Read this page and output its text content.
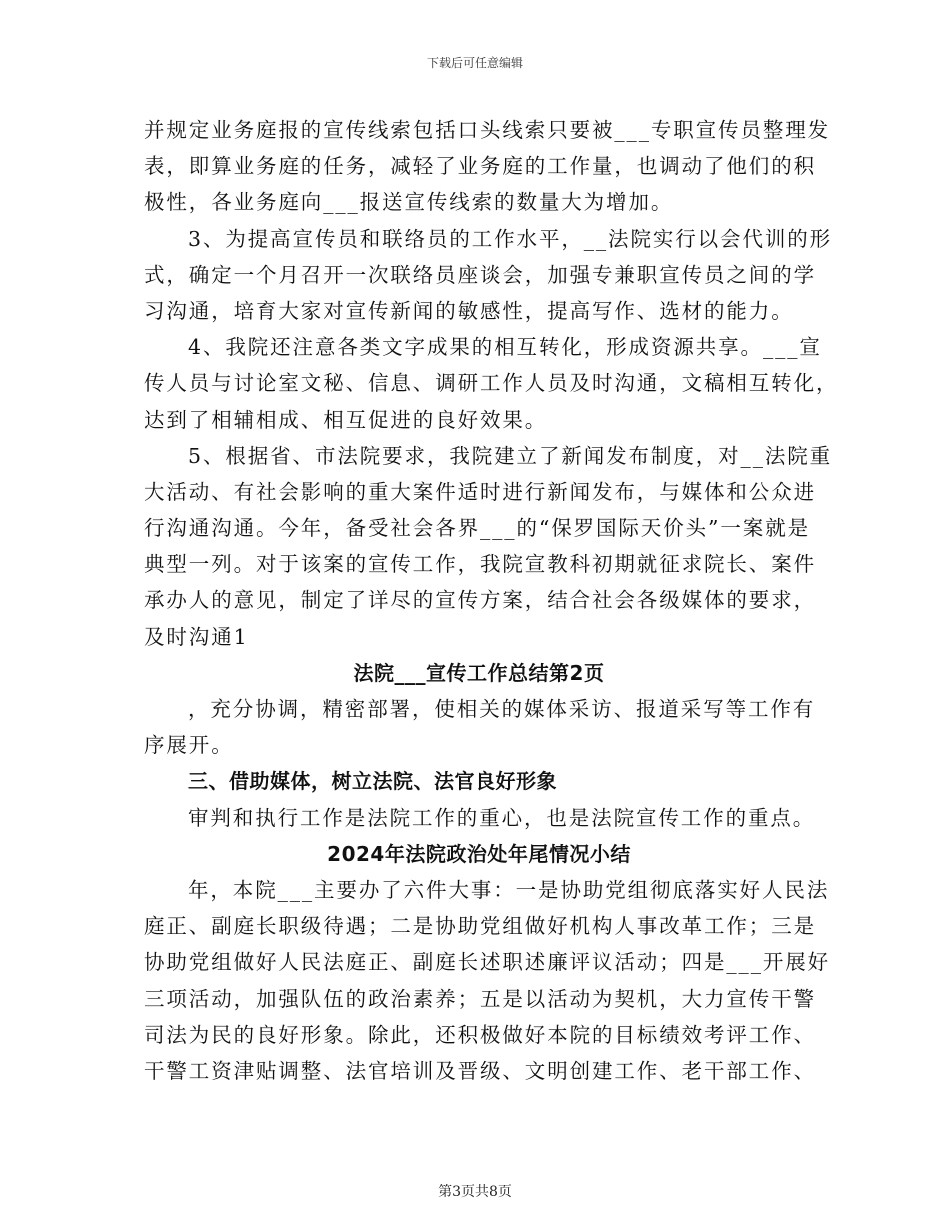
下载后可任意编辑
并规定业务庭报的宣传线索包括口头线索只要被___专职宣传员整理发
表，即算业务庭的任务，减轻了业务庭的工作量，也调动了他们的积
极性，各业务庭向___报送宣传线索的数量大为增加。
3、为提高宣传员和联络员的工作水平，__法院实行以会代训的形
式，确定一个月召开一次联络员座谈会，加强专兼职宣传员之间的学
习沟通，培育大家对宣传新闻的敏感性，提高写作、选材的能力。
4、我院还注意各类文字成果的相互转化，形成资源共享。___宣
传人员与讨论室文秘、信息、调研工作人员及时沟通，文稿相互转化，
达到了相辅相成、相互促进的良好效果。
5、根据省、市法院要求，我院建立了新闻发布制度，对__法院重
大活动、有社会影响的重大案件适时进行新闻发布，与媒体和公众进
行沟通沟通。今年，备受社会各界___的“保罗国际天价头”一案就是
典型一列。对于该案的宣传工作，我院宣教科初期就征求院长、案件
承办人的意见，制定了详尽的宣传方案，结合社会各级媒体的要求，
及时沟通1
法院___宣传工作总结第2页
，充分协调，精密部署，使相关的媒体采访、报道采写等工作有
序展开。
三、借助媒体，树立法院、法官良好形象
审判和执行工作是法院工作的重心，也是法院宣传工作的重点。
2024年法院政治处年尾情况小结
年，本院___主要办了六件大事：一是协助党组彻底落实好人民法
庭正、副庭长职级待遇；二是协助党组做好机构人事改革工作；三是
协助党组做好人民法庭正、副庭长述职述廉评议活动；四是___开展好
三项活动，加强队伍的政治素养；五是以活动为契机，大力宣传干警
司法为民的良好形象。除此，还积极做好本院的目标绩效考评工作、
干警工资津贴调整、法官培训及晋级、文明创建工作、老干部工作、
第3页共8页
